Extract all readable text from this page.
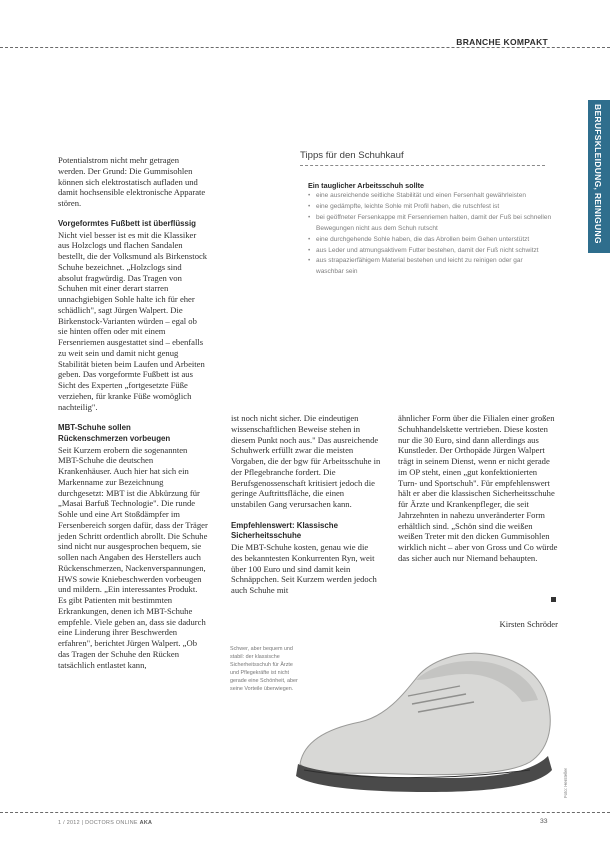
BRANCHE KOMPAKT
BERUFSKLEIDUNG, REINIGUNG

Potentialstrom nicht mehr getragen werden. Der Grund: Die Gummisohlen können sich elektrostatisch aufladen und damit hochsensible elektronische Apparate stören.

Vorgeformtes Fußbett ist überflüssig

Nicht viel besser ist es mit die Klassiker aus Holzclogs und flachen Sandalen bestellt, die der Volksmund als Birkenstock Schuhe bezeichnet. „Holzclogs sind absolut fragwürdig. Das Tragen von Schuhen mit einer derart starren unnachgiebigen Sohle halte ich für eher schädlich", sagt Jürgen Walpert. Die Birkenstock-Varianten würden – egal ob sie hinten offen oder mit einem Fersenriemen ausgestattet sind – ebenfalls zu weit sein und damit nicht genug Stabilität bieten beim Laufen und Arbeiten geben. Das vorgeformte Fußbett ist aus Sicht des Experten „fortgesetzte Füße verziehen, für kranke Füße womöglich nachteilig".

MBT-Schuhe sollen

Rückenschmerzen vorbeugen

Seit Kurzem erobern die sogenannten MBT-Schuhe die deutschen Krankenhäuser. Auch hier hat sich ein Markenname zur Bezeichnung durchgesetzt: MBT ist die Abkürzung für „Masai Barfuß Technologie". Die runde Sohle und eine Art Stoßdämpfer im Fersenbereich sorgen dafür, dass der Träger jeden Schritt ordentlich abrollt. Die Schuhe sind nicht nur ausgesprochen bequem, sie sollen nach Angaben des Herstellers auch Rückenschmerzen, Nackenverspannungen, HWS sowie Kniebeschwerden vorbeugen und mildern. „Ein interessantes Produkt. Es gibt Patienten mit bestimmten Erkrankungen, denen ich MBT-Schuhe empfehle. Viele geben an, dass sie dadurch eine Linderung ihrer Beschwerden erfahren", berichtet Jürgen Walpert. „Ob das Tragen der Schuhe den Rücken tatsächlich entlastet kann,

Tipps für den Schuhkauf

Ein tauglicher Arbeitsschuh sollte

• eine ausreichende seitliche Stabilität und einen Fersenhalt gewährleisten
• eine gedämpfte, leichte Sohle mit Profil haben, die rutschfest ist
• bei geöffneter Fersenkappe mit Fersenriemen halten, damit der Fuß bei schnellen Bewegungen nicht aus dem Schuh rutscht
• eine durchgehende Sohle haben, die das Abrollen beim Gehen unterstützt
• aus Leder und atmungsaktivem Futter bestehen, damit der Fuß nicht schwitzt
• aus strapazierfähigem Material bestehen und leicht zu reinigen oder gar waschbar sein

ist noch nicht sicher. Die eindeutigen wissenschaftlichen Beweise stehen in diesem Punkt noch aus." Das ausreichende Schuhwerk erfüllt zwar die meisten Vorgaben, die der bgw für Arbeitsschuhe in der Pflegebranche fordert. Die Berufsgenossenschaft kritisiert jedoch die geringe Auftrittsfläche, die einen unstabilen Gang verursachen kann.

Empfehlenswert: Klassische

Sicherheitsschuhe

Die MBT-Schuhe kosten, genau wie die des bekanntesten Konkurrenten Ryn, weit über 100 Euro und sind damit kein Schnäppchen. Seit Kurzem werden jedoch auch Schuhe mit

ähnlicher Form über die Filialen einer großen Schuhhandelskette vertrieben. Diese kosten nur die 30 Euro, sind dann allerdings aus Kunstleder. Der Orthopäde Jürgen Walpert trägt in seinem Dienst, wenn er nicht gerade im OP steht, einen „gut konfektionierten Turn- und Sportschuh". Für empfehlenswert hält er aber die klassischen Sicherheitsschuhe für Ärzte und Krankenpfleger, die seit Jahrzehnten in nahezu unveränderter Form erhältlich sind. „Schön sind die weißen weißen Treter mit den dicken Gummisohlen wirklich nicht – aber von Gross und Co würde das sicher auch nur Niemand behaupten.

Kirsten Schröder
Schwer, aber bequem und stabil: der klassische Sicherheitsschuh für Ärzte und Pflegekräfte ist nicht gerade eine Schönheit, aber seine Vorteile überwiegen.
Foto: Hersteller
1 / 2012 | DOCTORS ONLINE AKA	33
